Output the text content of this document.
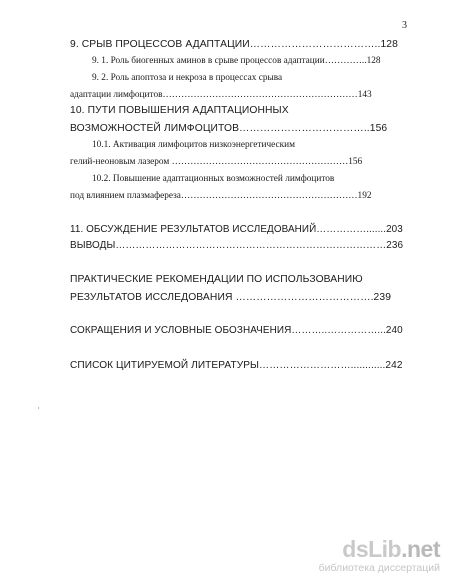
3
9. СРЫВ ПРОЦЕССОВ АДАПТАЦИИ………………………………..128
9. 1. Роль биогенных аминов в срыве процессов адаптации…………..128
9. 2. Роль апоптоза и некроза в процессах срыва
адаптации лимфоцитов………………………………………………………143
10. ПУТИ ПОВЫШЕНИЯ АДАПТАЦИОННЫХ
ВОЗМОЖНОСТЕЙ ЛИМФОЦИТОВ………………………………..156
10.1. Активация лимфоцитов низкоэнергетическим
гелий-неоновым лазером …………………………………………………156
10.2. Повышение адаптационных возможностей лимфоцитов
под влиянием плазмафереза…………………………………………………192
11. ОБСУЖДЕНИЕ РЕЗУЛЬТАТОВ ИССЛЕДОВАНИЙ…………….......203
ВЫВОДЫ………………………………………………………………………236
ПРАКТИЧЕСКИЕ РЕКОМЕНДАЦИИ ПО ИСПОЛЬЗОВАНИЮ
РЕЗУЛЬТАТОВ ИССЛЕДОВАНИЯ ………………………………….239
СОКРАЩЕНИЯ И УСЛОВНЫЕ ОБОЗНАЧЕНИЯ………..……………...240
СПИСОК ЦИТИРУЕМОЙ ЛИТЕРАТУРЫ………………………............242
dsLib.net
библиотека диссертаций
